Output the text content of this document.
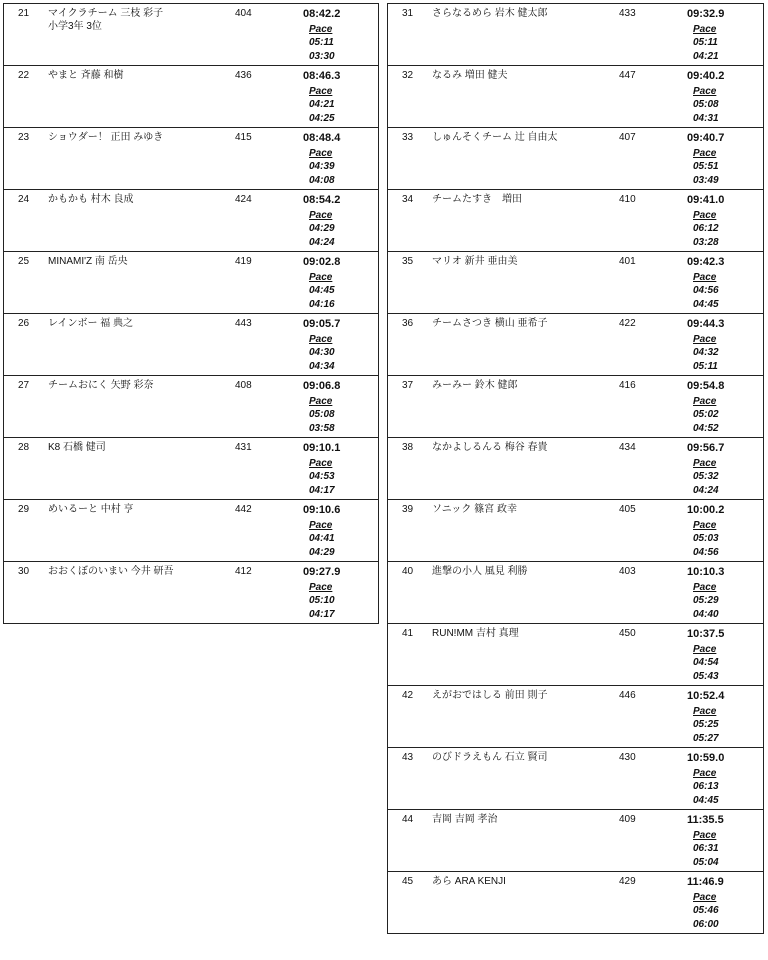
21 マイクラチーム 三枝 彩子
小学3年 3位
404	08:42.2
Pace
05:11
03:30
22 やまと 斉藤 和樹	436	08:46.3
Pace
04:21
04:25
23 ショウダー！ 正田 みゆき	415	08:48.4
Pace
04:39
04:08
24 かもかも 村木 良成	424	08:54.2
Pace
04:29
04:24
25 MINAMI'Z 南 岳央	419	09:02.8
Pace
04:45
04:16
26 レインボー 福 典之	443	09:05.7
Pace
04:30
04:34
27 チームおにく 矢野 彩奈	408	09:06.8
Pace
05:08
03:58
28 K8 石橋 健司	431	09:10.1
Pace
04:53
04:17
29 めいるーと 中村 亨	442	09:10.6
Pace
04:41
04:29
30 おおくぼのいまい 今井 研吾	412	09:27.9
Pace
05:10
04:17
31 さらなるめら 岩木 健太郎	433	09:32.9
Pace
05:11
04:21
32 なるみ 増田 健夫	447	09:40.2
Pace
05:08
04:31
33 しゅんそくチーム 辻 自由太	407	09:40.7
Pace
05:51
03:49
34 チームたすき　増田	410	09:41.0
Pace
06:12
03:28
35 マリオ 新井 亜由美	401	09:42.3
Pace
04:56
04:45
36 チームさつき 横山 亜希子	422	09:44.3
Pace
04:32
05:11
37 みーみー 鈴木 健郎	416	09:54.8
Pace
05:02
04:52
38 なかよしるんる 梅谷 春貴	434	09:56.7
Pace
05:32
04:24
39 ソニック 篠宮 政幸	405	10:00.2
Pace
05:03
04:56
40 進撃の小人 風見 利勝	403	10:10.3
Pace
05:29
04:40
41 RUN!MM 吉村 真理	450	10:37.5
Pace
04:54
05:43
42 えがおではしる 前田 則子	446	10:52.4
Pace
05:25
05:27
43 のびドラえもん 石立 賢司	430	10:59.0
Pace
06:13
04:45
44 吉岡 吉岡 孝治	409	11:35.5
Pace
06:31
05:04
45 あら ARA KENJI	429	11:46.9
Pace
05:46
06:00
